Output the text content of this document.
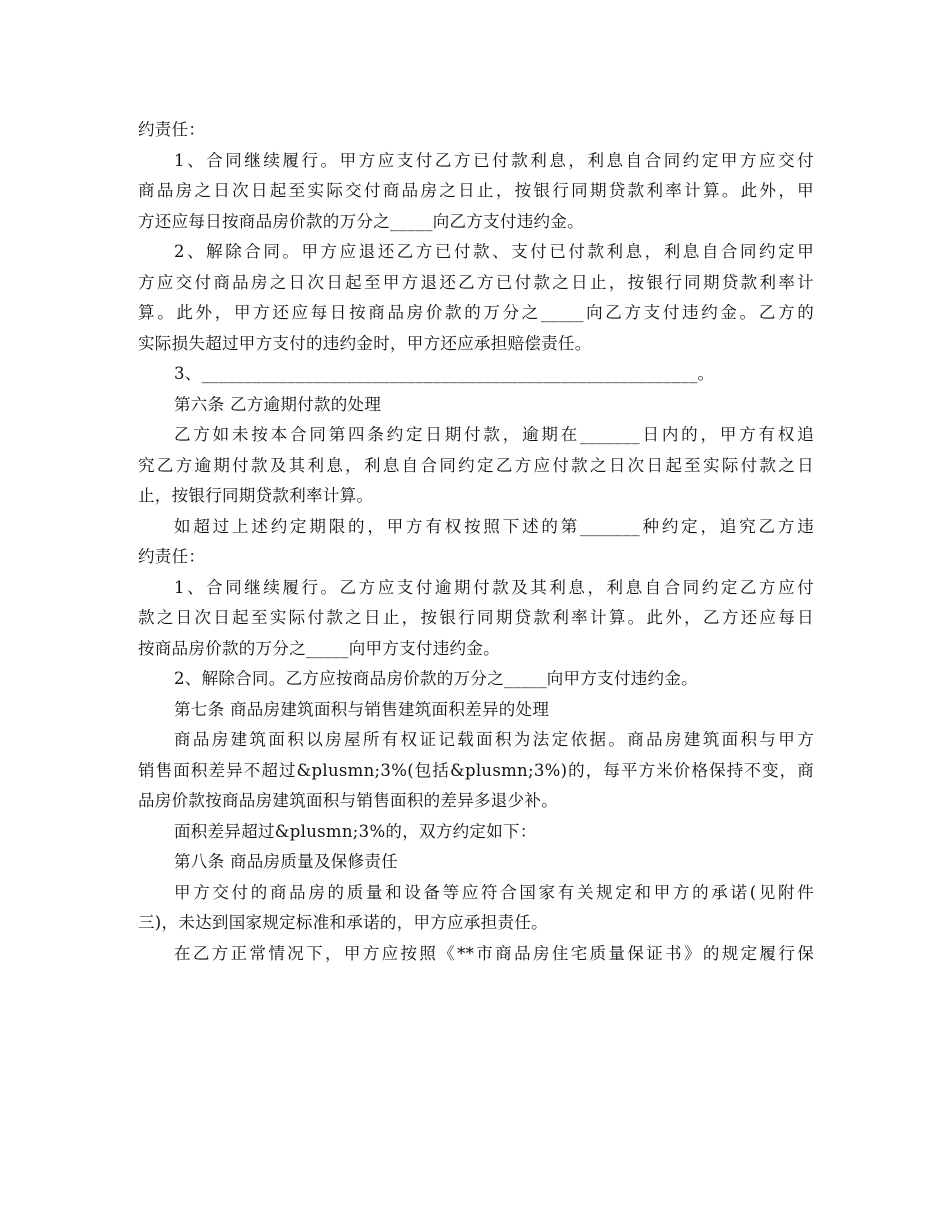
约责任：
1、合同继续履行。甲方应支付乙方已付款利息，利息自合同约定甲方应交付
商品房之日次日起至实际交付商品房之日止，按银行同期贷款利率计算。此外，甲
方还应每日按商品房价款的万分之_____向乙方支付违约金。
2、解除合同。甲方应退还乙方已付款、支付已付款利息，利息自合同约定甲
方应交付商品房之日次日起至甲方退还乙方已付款之日止，按银行同期贷款利率计
算。此外，甲方还应每日按商品房价款的万分之_____向乙方支付违约金。乙方的
实际损失超过甲方支付的违约金时，甲方还应承担赔偿责任。
3、__________________________________________________________。
第六条 乙方逾期付款的处理
乙方如未按本合同第四条约定日期付款，逾期在_______日内的，甲方有权追
究乙方逾期付款及其利息，利息自合同约定乙方应付款之日次日起至实际付款之日
止，按银行同期贷款利率计算。
如超过上述约定期限的，甲方有权按照下述的第_______种约定，追究乙方违
约责任：
1、合同继续履行。乙方应支付逾期付款及其利息，利息自合同约定乙方应付
款之日次日起至实际付款之日止，按银行同期贷款利率计算。此外，乙方还应每日
按商品房价款的万分之_____向甲方支付违约金。
2、解除合同。乙方应按商品房价款的万分之_____向甲方支付违约金。
第七条 商品房建筑面积与销售建筑面积差异的处理
商品房建筑面积以房屋所有权证记载面积为法定依据。商品房建筑面积与甲方
销售面积差异不超过&plusmn;3%(包括&plusmn;3%)的，每平方米价格保持不变，商
品房价款按商品房建筑面积与销售面积的差异多退少补。
面积差异超过&plusmn;3%的，双方约定如下：
第八条 商品房质量及保修责任
甲方交付的商品房的质量和设备等应符合国家有关规定和甲方的承诺(见附件
三)，未达到国家规定标准和承诺的，甲方应承担责任。
在乙方正常情况下，甲方应按照《**市商品房住宅质量保证书》的规定履行保
